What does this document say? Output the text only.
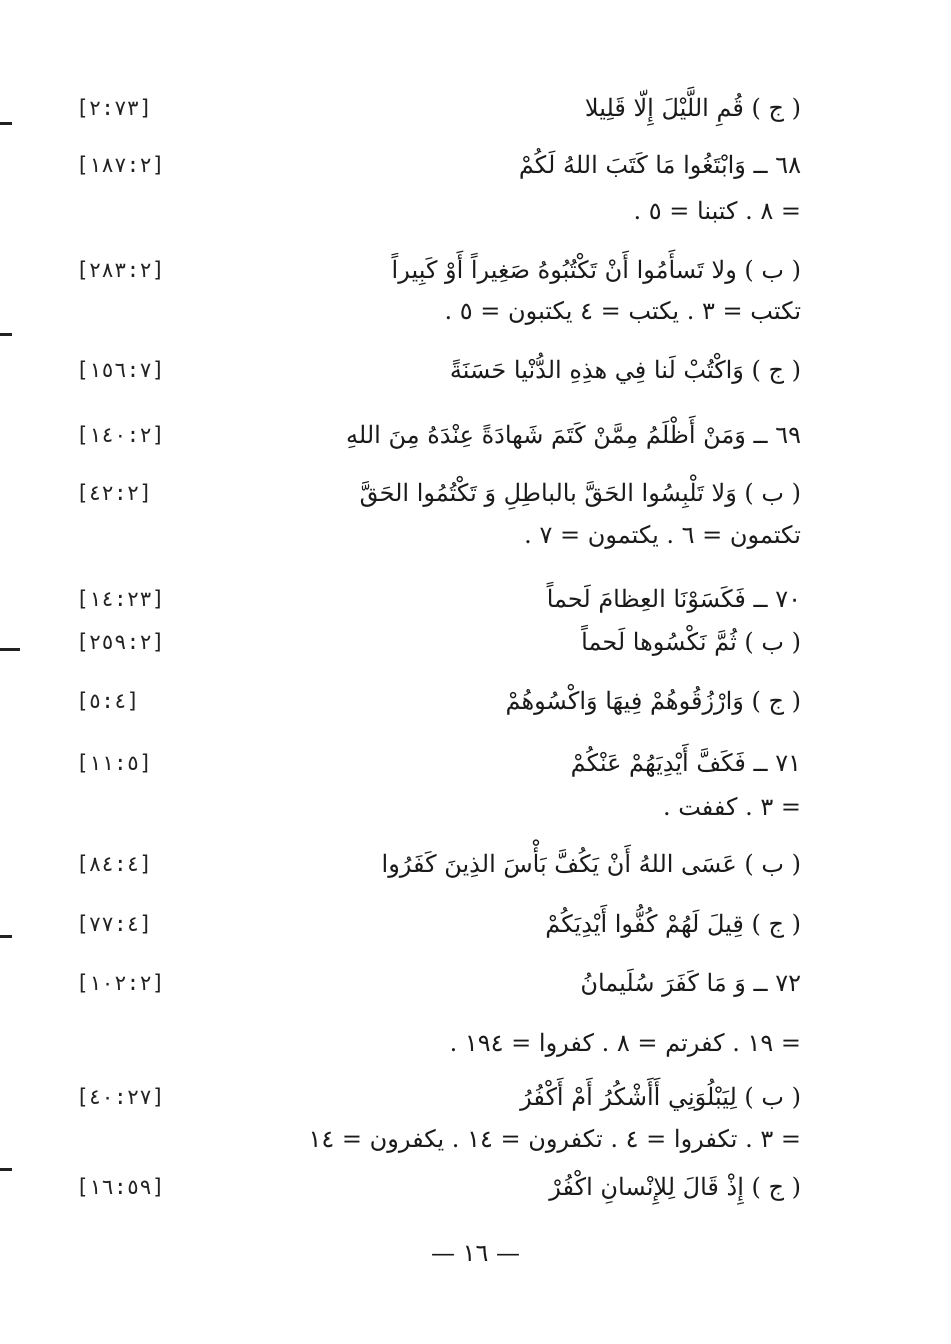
( ج ) قُمِ اللَّيْلَ إِلّا قَلِيلا
[٢:٧٣]
٦٨ ــ وَابْتَغُوا مَا كَتَبَ اللهُ لَكُمْ
[١٨٧:٢]
= ٨ . كتبنا = ٥ .
( ب ) ولا تَسأَمُوا أَنْ تَكْتُبُوهُ صَغِيراً أَوْ كَبِيراً
[٢٨٣:٢]
تكتب = ٣ . يكتب = ٤ يكتبون = ٥ .
( ج ) وَاكْتُبْ لَنا فِي هذِهِ الدُّنْيا حَسَنَةً
[١٥٦:٧]
٦٩ ــ وَمَنْ أَظْلَمُ مِمَّنْ كَتَمَ شَهادَةً عِنْدَهُ مِنَ اللهِ
[١٤٠:٢]
( ب ) وَلا تَلْبِسُوا الحَقَّ بالباطِلِ وَ تَكْتُمُوا الحَقَّ
[٤٢:٢]
تكتمون = ٦ . يكتمون = ٧ .
٧٠ ــ فَكَسَوْنَا العِظامَ لَحماً
[١٤:٢٣]
( ب ) ثُمَّ نَكْسُوها لَحماً
[٢٥٩:٢]
( ج ) وَارْزُقُوهُمْ فِيهَا وَاكْسُوهُمْ
[٥:٤]
٧١ ــ فَكَفَّ أَيْدِيَهُمْ عَنْكُمْ
[١١:٥]
= ٣ . كففت .
( ب ) عَسَى اللهُ أَنْ يَكُفَّ بَأْسَ الذِينَ كَفَرُوا
[٨٤:٤]
( ج ) قِيلَ لَهُمْ كُفُّوا أَيْدِيَكُمْ
[٧٧:٤]
٧٢ ــ وَ مَا كَفَرَ سُلَيمانُ
[١٠٢:٢]
= ١٩ . كفرتم = ٨ . كفروا = ١٩٤ .
( ب ) لِيَبْلُوَنِي أَأَشْكُرُ أَمْ أَكْفُرُ
[٤٠:٢٧]
= ٣ . تكفروا = ٤ . تكفرون = ١٤ . يكفرون = ١٤
( ج ) إِذْ قَالَ لِلإِنْسانِ اكْفُرْ
[١٦:٥٩]
— ١٦ —
